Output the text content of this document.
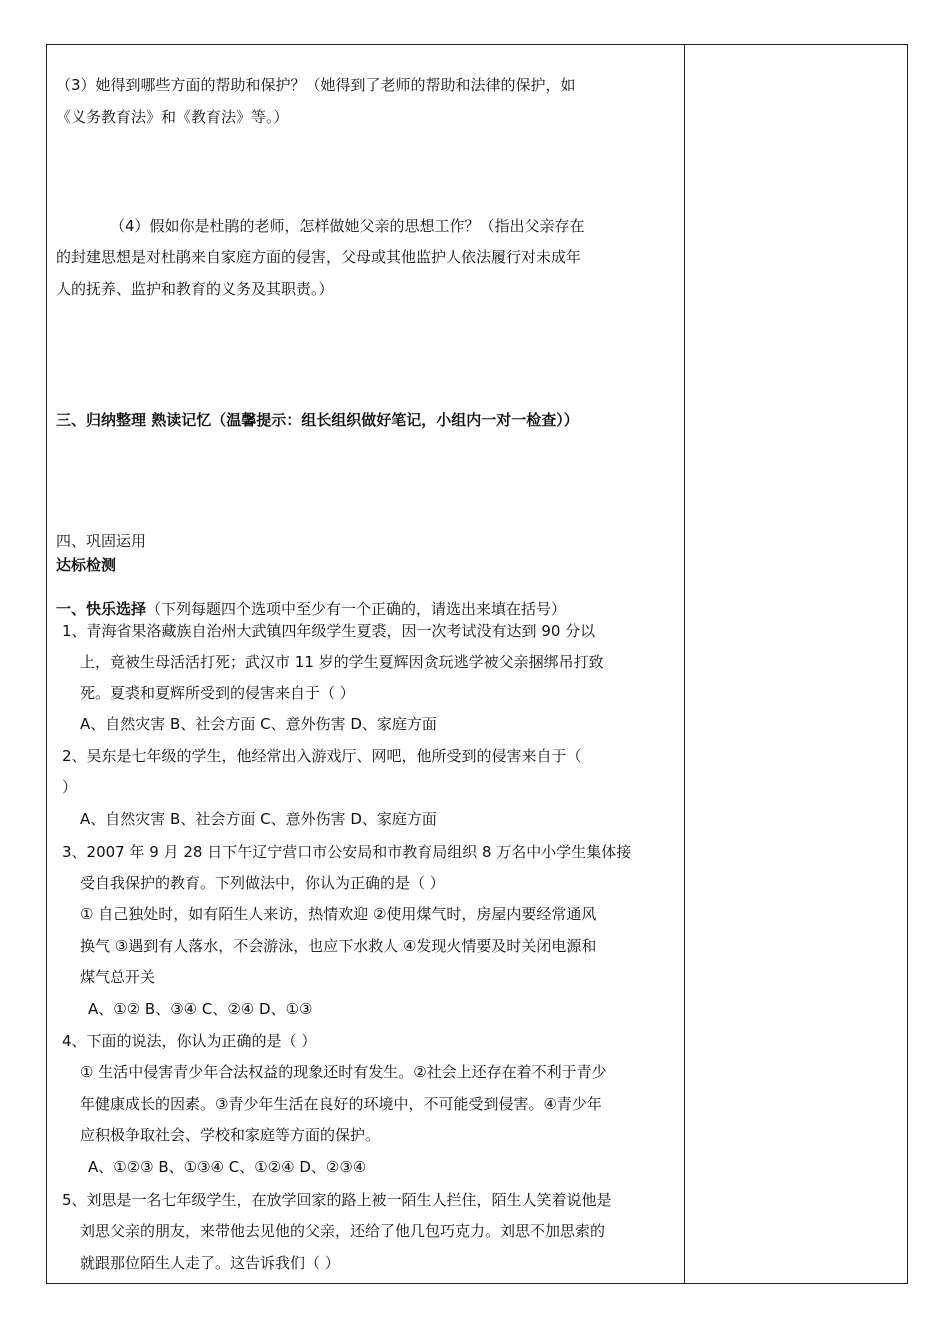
（3）她得到哪些方面的帮助和保护？（她得到了老师的帮助和法律的保护，如
《义务教育法》和《教育法》等。）
（4）假如你是杜鹃的老师，怎样做她父亲的思想工作？（指出父亲存在
的封建思想是对杜鹃来自家庭方面的侵害，父母或其他监护人依法履行对未成年
人的抚养、监护和教育的义务及其职责。）
三、归纳整理 熟读记忆（温馨提示：组长组织做好笔记，小组内一对一检查））
四、巩固运用
达标检测
一、快乐选择（下列每题四个选项中至少有一个正确的，请选出来填在括号）
1、青海省果洛藏族自治州大武镇四年级学生夏裘，因一次考试没有达到 90 分以
上，竟被生母活活打死；武汉市 11 岁的学生夏辉因贪玩逃学被父亲捆绑吊打致
死。夏裘和夏辉所受到的侵害来自于（ ）
A、自然灾害 B、社会方面 C、意外伤害 D、家庭方面
2、吴东是七年级的学生，他经常出入游戏厅、网吧，他所受到的侵害来自于（
）
A、自然灾害 B、社会方面 C、意外伤害 D、家庭方面
3、2007 年 9 月 28 日下午辽宁营口市公安局和市教育局组织 8 万名中小学生集体接
受自我保护的教育。下列做法中，你认为正确的是（ ）
① 自己独处时，如有陌生人来访，热情欢迎 ②使用煤气时，房屋内要经常通风
换气 ③遇到有人落水，不会游泳，也应下水救人 ④发现火情要及时关闭电源和
煤气总开关
A、①② B、③④ C、②④ D、①③
4、下面的说法，你认为正确的是（ ）
① 生活中侵害青少年合法权益的现象还时有发生。②社会上还存在着不利于青少
年健康成长的因素。③青少年生活在良好的环境中，不可能受到侵害。④青少年
应积极争取社会、学校和家庭等方面的保护。
A、①②③ B、①③④ C、①②④ D、②③④
5、刘思是一名七年级学生，在放学回家的路上被一陌生人拦住，陌生人笑着说他是
刘思父亲的朋友，来带他去见他的父亲，还给了他几包巧克力。刘思不加思索的
就跟那位陌生人走了。这告诉我们（ ）
